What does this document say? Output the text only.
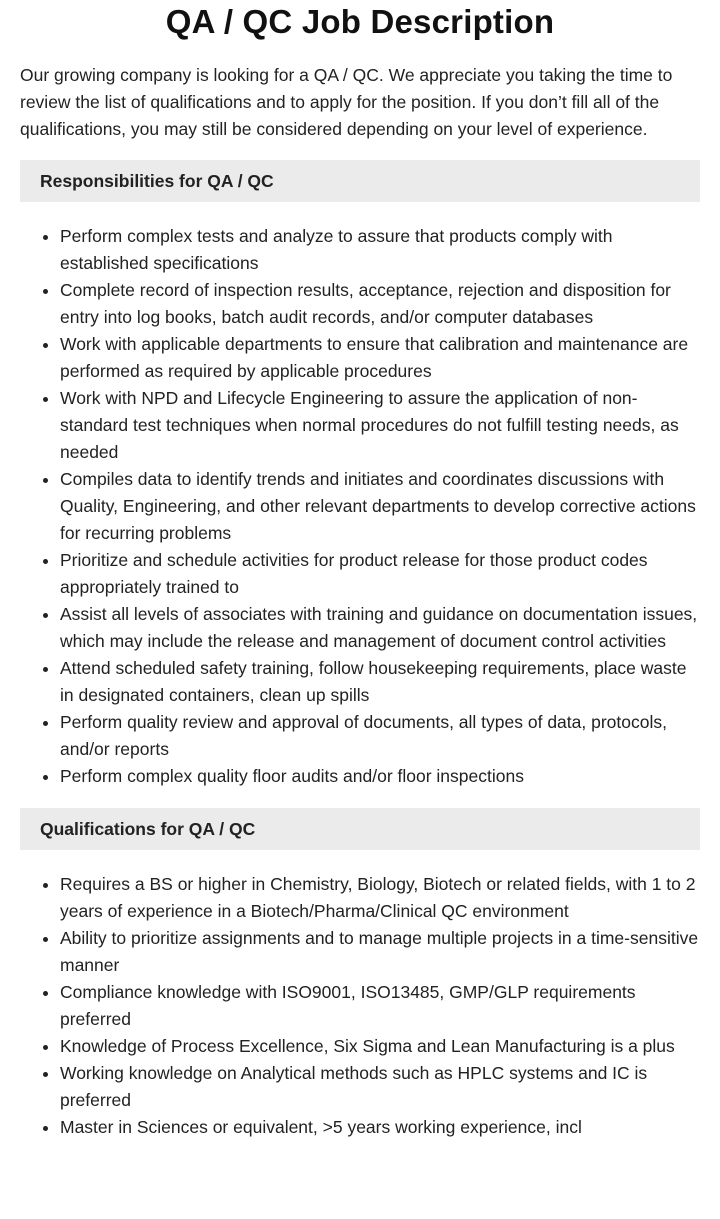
QA / QC Job Description

Our growing company is looking for a QA / QC. We appreciate you taking the time to review the list of qualifications and to apply for the position. If you don’t fill all of the qualifications, you may still be considered depending on your level of experience.

Responsibilities for QA / QC
• Perform complex tests and analyze to assure that products comply with established specifications
• Complete record of inspection results, acceptance, rejection and disposition for entry into log books, batch audit records, and/or computer databases
• Work with applicable departments to ensure that calibration and maintenance are performed as required by applicable procedures
• Work with NPD and Lifecycle Engineering to assure the application of non-standard test techniques when normal procedures do not fulfill testing needs, as needed
• Compiles data to identify trends and initiates and coordinates discussions with Quality, Engineering, and other relevant departments to develop corrective actions for recurring problems
• Prioritize and schedule activities for product release for those product codes appropriately trained to
• Assist all levels of associates with training and guidance on documentation issues, which may include the release and management of document control activities
• Attend scheduled safety training, follow housekeeping requirements, place waste in designated containers, clean up spills
• Perform quality review and approval of documents, all types of data, protocols, and/or reports
• Perform complex quality floor audits and/or floor inspections
Qualifications for QA / QC
• Requires a BS or higher in Chemistry, Biology, Biotech or related fields, with 1 to 2 years of experience in a Biotech/Pharma/Clinical QC environment
• Ability to prioritize assignments and to manage multiple projects in a time-sensitive manner
• Compliance knowledge with ISO9001, ISO13485, GMP/GLP requirements preferred
• Knowledge of Process Excellence, Six Sigma and Lean Manufacturing is a plus
• Working knowledge on Analytical methods such as HPLC systems and IC is preferred
• Master in Sciences or equivalent, >5 years working experience, incl
